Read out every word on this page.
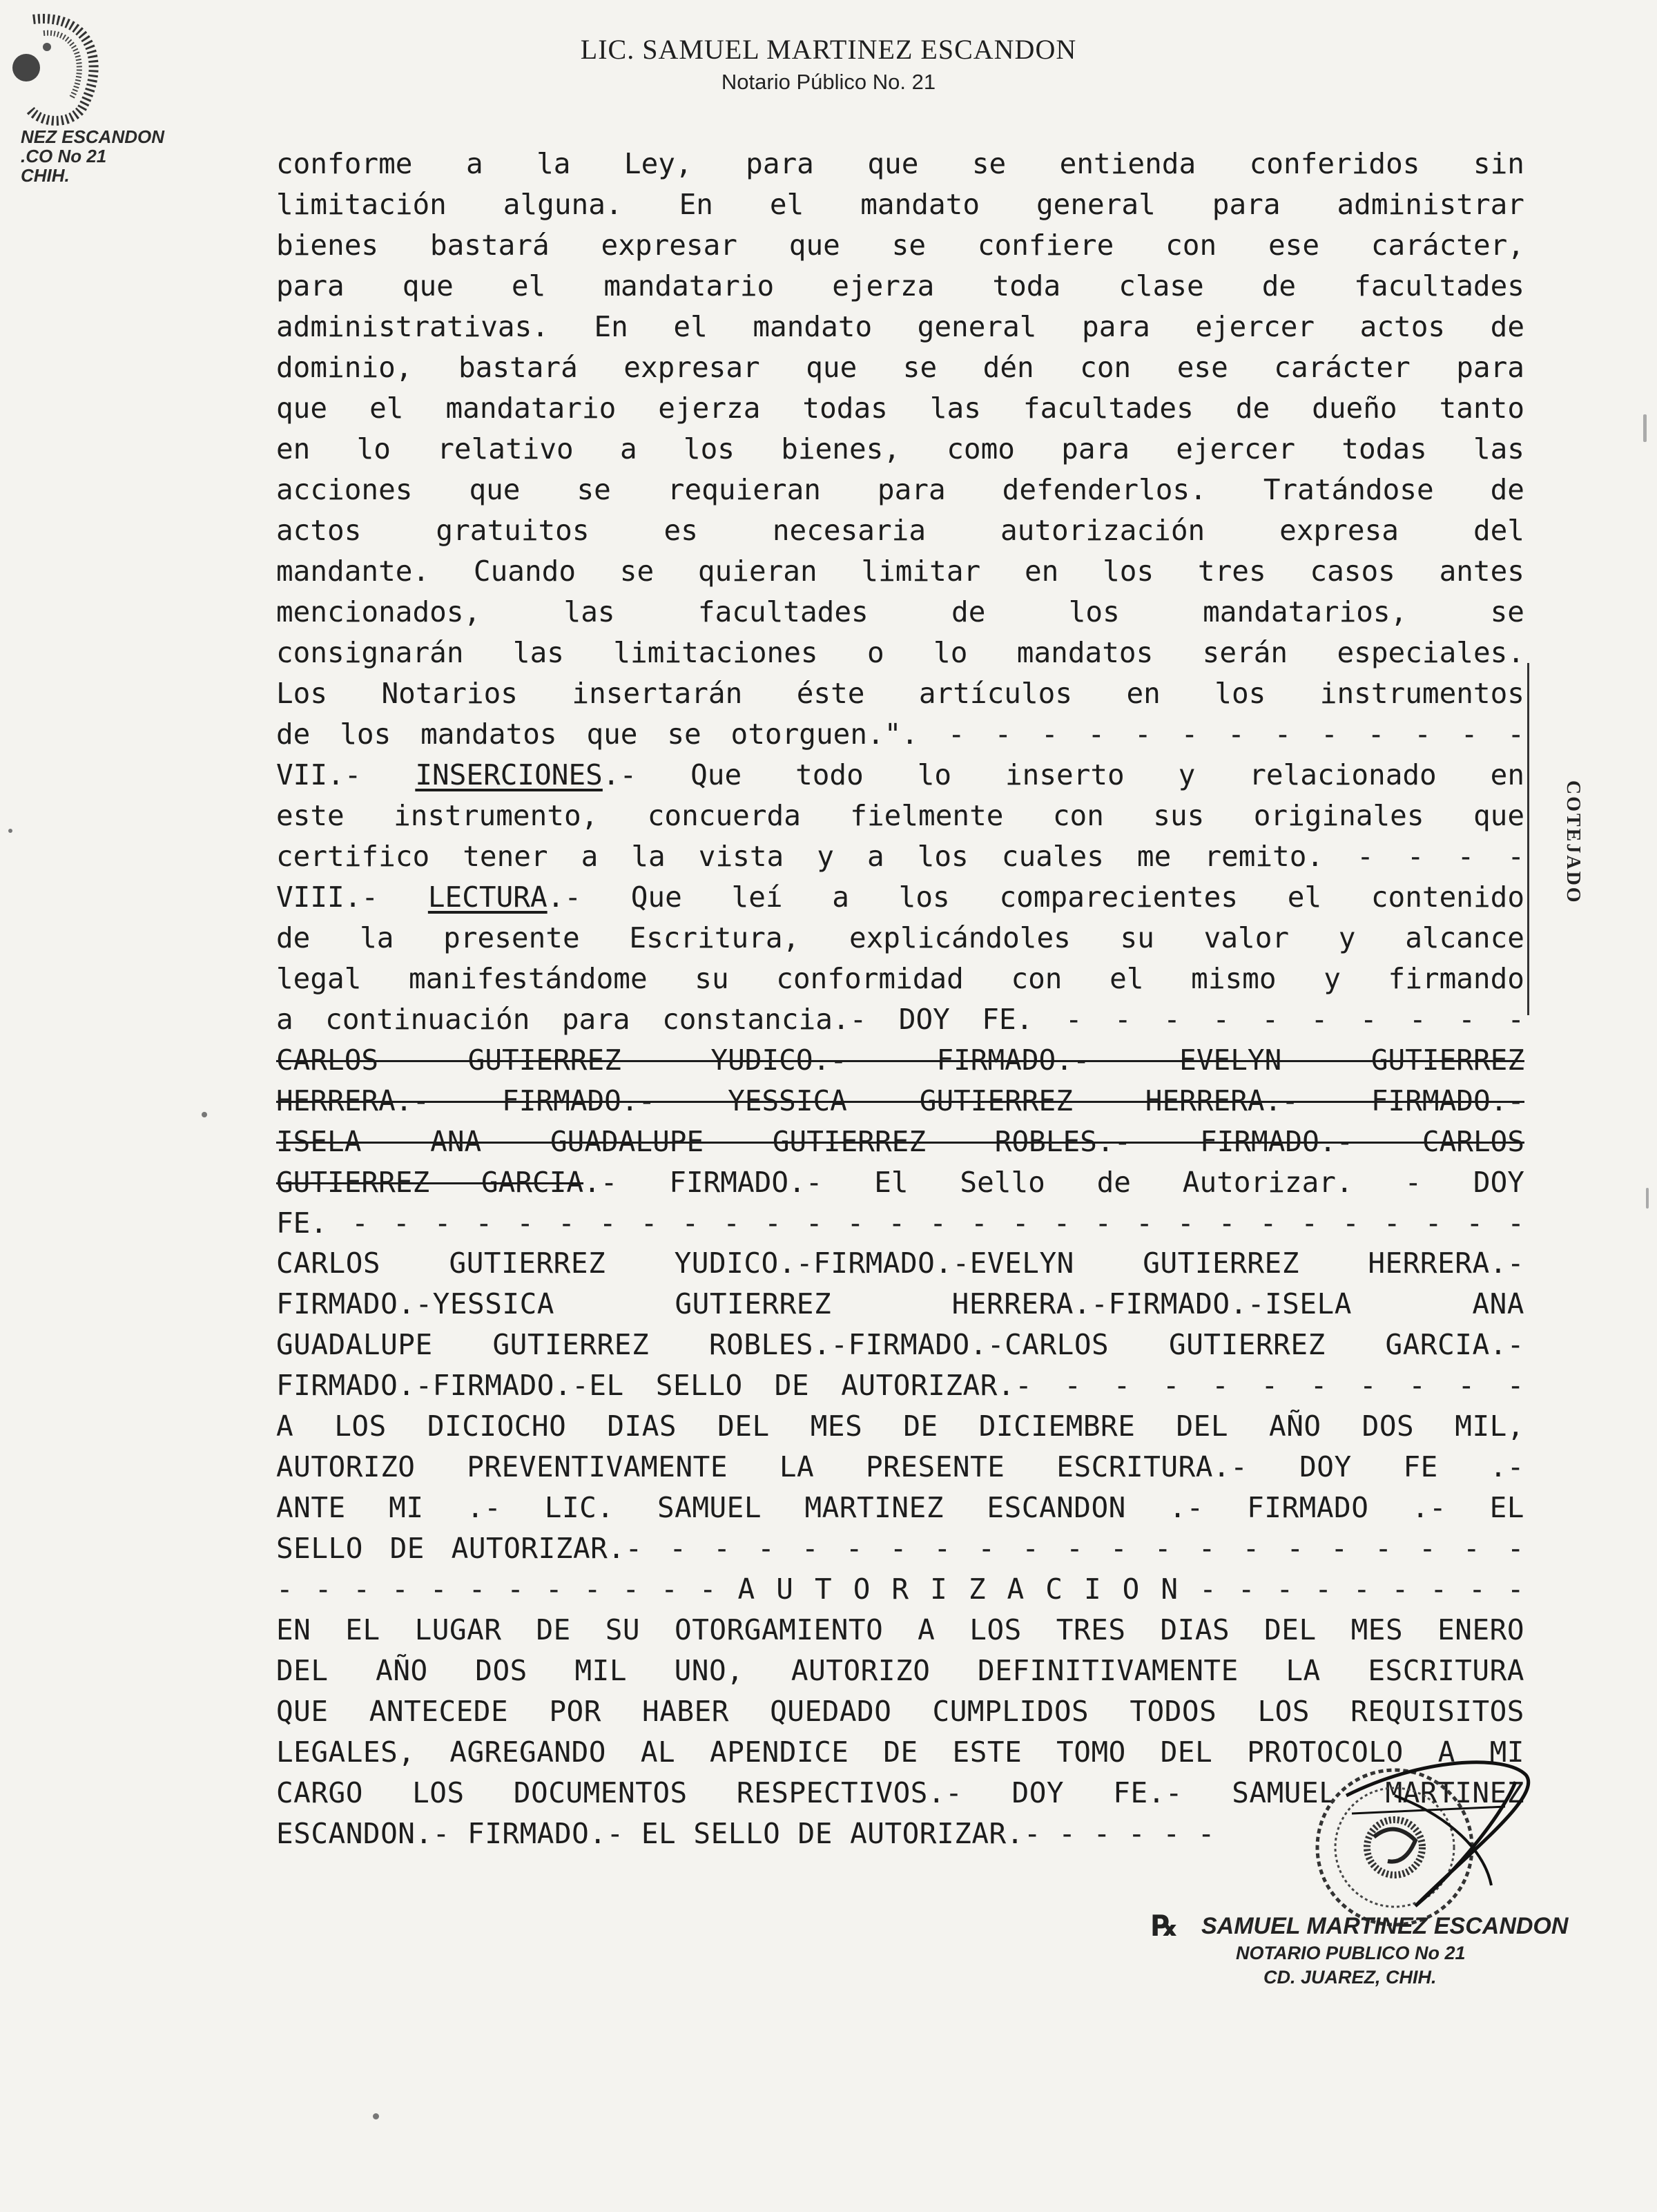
NEZ ESCANDON
.CO No 21
CHIH.
LIC. SAMUEL MARTINEZ ESCANDON
Notario Público No. 21
conforme a la Ley, para que se entienda conferidos sin
limitación alguna. En el mandato general para administrar
bienes bastará expresar que se confiere con ese carácter,
para que el mandatario ejerza toda clase de facultades
administrativas. En el mandato general para ejercer actos de
dominio, bastará expresar que se dén con ese carácter para
que el mandatario ejerza todas las facultades de dueño tanto
en lo relativo a los bienes, como para ejercer todas las
acciones que se requieran para defenderlos. Tratándose de
actos gratuitos es necesaria autorización expresa del
mandante. Cuando se quieran limitar en los tres casos antes
mencionados, las facultades de los mandatarios, se
consignarán las limitaciones o lo mandatos serán especiales.
Los Notarios insertarán éste artículos en los instrumentos
de los mandatos que se otorguen.". - - - - - - - - - - - - -
VII.- INSERCIONES.- Que todo lo inserto y relacionado en
este instrumento, concuerda fielmente con sus originales que
certifico tener a la vista y a los cuales me remito. - - - -
VIII.- LECTURA.- Que leí a los comparecientes el contenido
de la presente Escritura, explicándoles su valor y alcance
legal manifestándome su conformidad con el mismo y firmando
a continuación para constancia.- DOY FE. - - - - - - - - - -
CARLOS GUTIERREZ YUDICO.- FIRMADO.- EVELYN GUTIERREZ
HERRERA.- FIRMADO.- YESSICA GUTIERREZ HERRERA.- FIRMADO.-
ISELA ANA GUADALUPE GUTIERREZ ROBLES.- FIRMADO.- CARLOS
GUTIERREZ GARCIA.- FIRMADO.- El Sello de Autorizar. - DOY
FE. - - - - - - - - - - - - - - - - - - - - - - - - - - - - -
COTEJADO
CARLOS GUTIERREZ YUDICO.-FIRMADO.-EVELYN GUTIERREZ HERRERA.-
FIRMADO.-YESSICA GUTIERREZ HERRERA.-FIRMADO.-ISELA ANA
GUADALUPE GUTIERREZ ROBLES.-FIRMADO.-CARLOS GUTIERREZ GARCIA.-
FIRMADO.-FIRMADO.-EL SELLO DE AUTORIZAR.- - - - - - - - - - -
A LOS DICIOCHO DIAS DEL MES DE DICIEMBRE DEL AÑO DOS MIL,
AUTORIZO PREVENTIVAMENTE LA PRESENTE ESCRITURA.- DOY FE .-
ANTE MI .- LIC. SAMUEL MARTINEZ ESCANDON .- FIRMADO .- EL
SELLO DE AUTORIZAR.- - - - - - - - - - - - - - - - - - - - -
- - - - - - - - - - - - A U T O R I Z A C I O N - - - - - - - - -
EN EL LUGAR DE SU OTORGAMIENTO A LOS TRES DIAS DEL MES ENERO
DEL AÑO DOS MIL UNO, AUTORIZO DEFINITIVAMENTE LA ESCRITURA
QUE ANTECEDE POR HABER QUEDADO CUMPLIDOS TODOS LOS REQUISITOS
LEGALES, AGREGANDO AL APENDICE DE ESTE TOMO DEL PROTOCOLO A MI
CARGO LOS DOCUMENTOS RESPECTIVOS.- DOY FE.- SAMUEL MARTINEZ
ESCANDON.- FIRMADO.- EL SELLO DE AUTORIZAR.- - - - - -
℞ SAMUEL MARTINEZ ESCANDON
NOTARIO PUBLICO No 21
CD. JUAREZ, CHIH.
